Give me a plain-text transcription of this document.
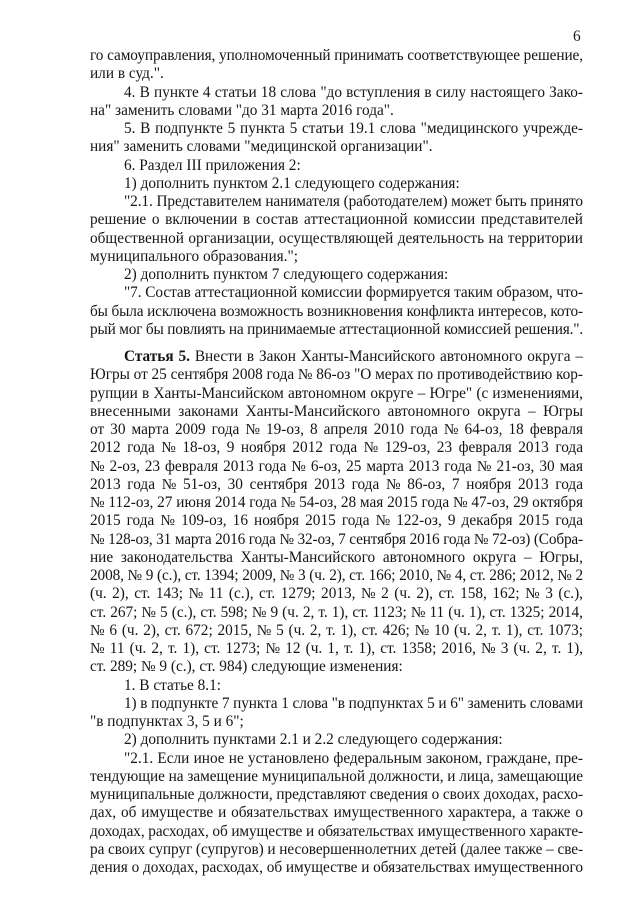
6
го самоуправления, уполномоченный принимать соответствующее решение,
или в суд.".
4. В пункте 4 статьи 18 слова "до вступления в силу настоящего Зако-
на" заменить словами "до 31 марта 2016 года".
5. В подпункте 5 пункта 5 статьи 19.1 слова "медицинского учрежде-
ния" заменить словами "медицинской организации".
6. Раздел III приложения 2:
1) дополнить пунктом 2.1 следующего содержания:
"2.1. Представителем нанимателя (работодателем) может быть принято
решение о включении в состав аттестационной комиссии представителей
общественной организации, осуществляющей деятельность на территории
муниципального образования.";
2) дополнить пунктом 7 следующего содержания:
"7. Состав аттестационной комиссии формируется таким образом, что-
бы была исключена возможность возникновения конфликта интересов, кото-
рый мог бы повлиять на принимаемые аттестационной комиссией решения.".
Статья 5. Внести в Закон Ханты-Мансийского автономного округа –
Югры от 25 сентября 2008 года № 86-оз "О мерах по противодействию кор-
рупции в Ханты-Мансийском автономном округе – Югре" (с изменениями,
внесенными законами Ханты-Мансийского автономного округа – Югры
от 30 марта 2009 года № 19-оз, 8 апреля 2010 года № 64-оз, 18 февраля
2012 года № 18-оз, 9 ноября 2012 года № 129-оз, 23 февраля 2013 года
№ 2-оз, 23 февраля 2013 года № 6-оз, 25 марта 2013 года № 21-оз, 30 мая
2013 года № 51-оз, 30 сентября 2013 года № 86-оз, 7 ноября 2013 года
№ 112-оз, 27 июня 2014 года № 54-оз, 28 мая 2015 года № 47-оз, 29 октября
2015 года № 109-оз, 16 ноября 2015 года № 122-оз, 9 декабря 2015 года
№ 128-оз, 31 марта 2016 года № 32-оз, 7 сентября 2016 года № 72-оз) (Собра-
ние законодательства Ханты-Мансийского автономного округа – Югры,
2008, № 9 (с.), ст. 1394; 2009, № 3 (ч. 2), ст. 166; 2010, № 4, ст. 286; 2012, № 2
(ч. 2), ст. 143; № 11 (с.), ст. 1279; 2013, № 2 (ч. 2), ст. 158, 162; № 3 (с.),
ст. 267; № 5 (с.), ст. 598; № 9 (ч. 2, т. 1), ст. 1123; № 11 (ч. 1), ст. 1325; 2014,
№ 6 (ч. 2), ст. 672; 2015, № 5 (ч. 2, т. 1), ст. 426; № 10 (ч. 2, т. 1), ст. 1073;
№ 11 (ч. 2, т. 1), ст. 1273; № 12 (ч. 1, т. 1), ст. 1358; 2016, № 3 (ч. 2, т. 1),
ст. 289; № 9 (с.), ст. 984) следующие изменения:
1. В статье 8.1:
1) в подпункте 7 пункта 1 слова "в подпунктах 5 и 6" заменить словами
"в подпунктах 3, 5 и 6";
2) дополнить пунктами 2.1 и 2.2 следующего содержания:
"2.1. Если иное не установлено федеральным законом, граждане, пре-
тендующие на замещение муниципальной должности, и лица, замещающие
муниципальные должности, представляют сведения о своих доходах, расхо-
дах, об имуществе и обязательствах имущественного характера, а также о
доходах, расходах, об имуществе и обязательствах имущественного характе-
ра своих супруг (супругов) и несовершеннолетних детей (далее также – све-
дения о доходах, расходах, об имуществе и обязательствах имущественного
